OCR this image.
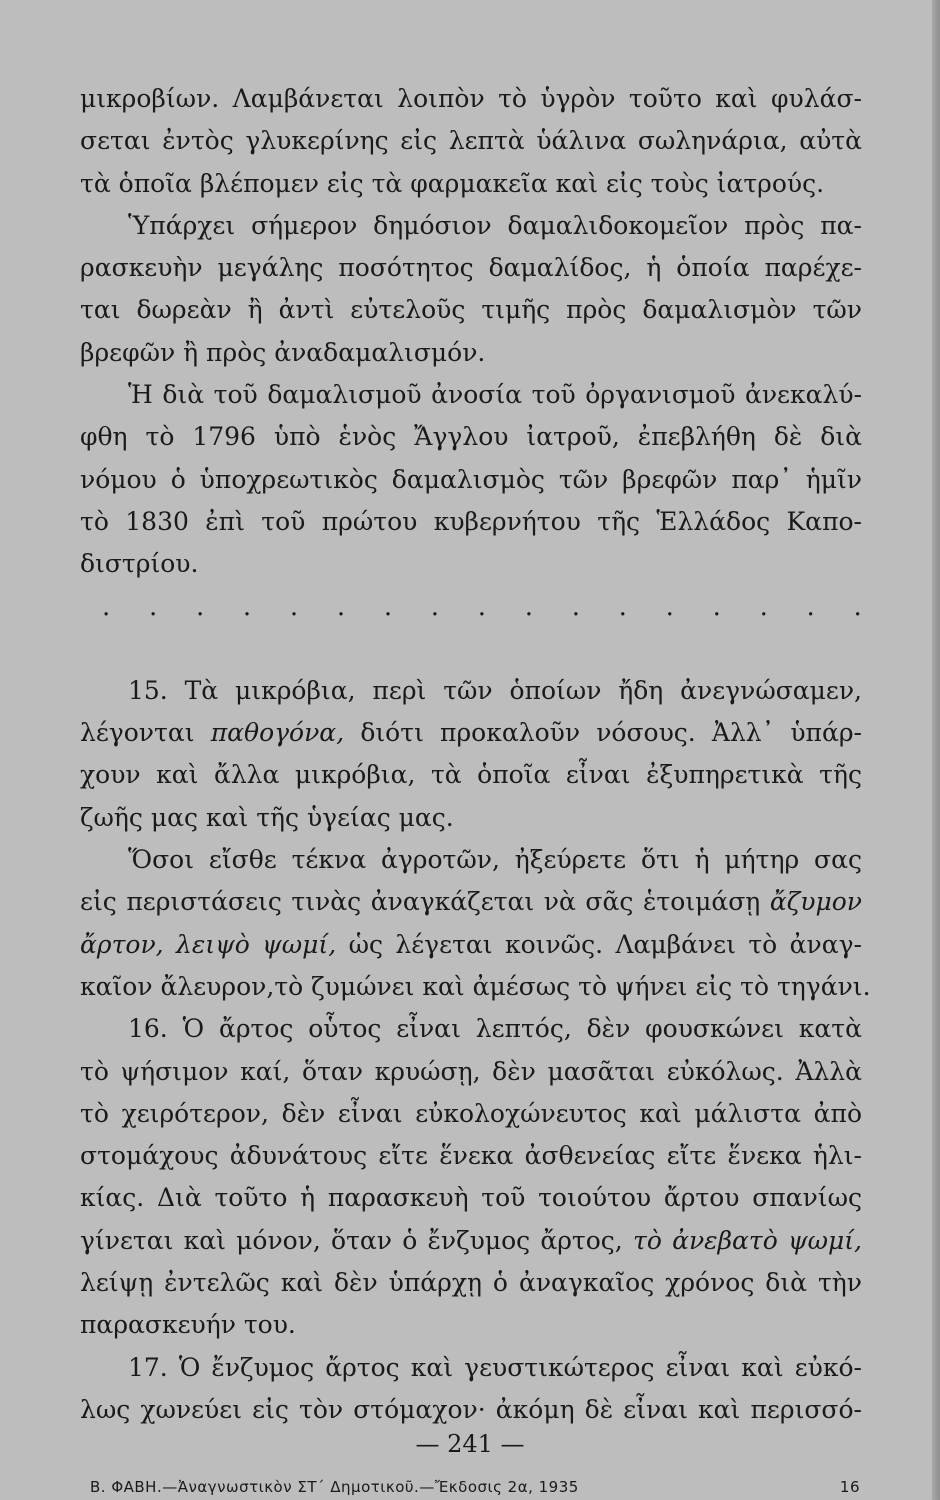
μικροβίων. Λαμβάνεται λοιπὸν τὸ ὑγρὸν τοῦτο καὶ φυλάσ-
σεται ἐντὸς γλυκερίνης εἰς λεπτὰ ὑάλινα σωληνάρια, αὐτὰ
τὰ ὁποῖα βλέπομεν εἰς τὰ φαρμακεῖα καὶ εἰς τοὺς ἰατρούς.
Ὑπάρχει σήμερον δημόσιον δαμαλιδοκομεῖον πρὸς πα-
ρασκευὴν μεγάλης ποσότητος δαμαλίδος, ἡ ὁποία παρέχε-
ται δωρεὰν ἢ ἀντὶ εὐτελοῦς τιμῆς πρὸς δαμαλισμὸν τῶν
βρεφῶν ἢ πρὸς ἀναδαμαλισμόν.
Ἡ διὰ τοῦ δαμαλισμοῦ ἀνοσία τοῦ ὀργανισμοῦ ἀνεκαλύ-
φθη τὸ 1796 ὑπὸ ἑνὸς Ἄγγλου ἰατροῦ, ἐπεβλήθη δὲ διὰ
νόμου ὁ ὑποχρεωτικὸς δαμαλισμὸς τῶν βρεφῶν παρ᾽ ἡμῖν
τὸ 1830 ἐπὶ τοῦ πρώτου κυβερνήτου τῆς Ἑλλάδος Καπο-
διστρίου.
. . . . . . . . . . . . . . . . .
15. Τὰ μικρόβια, περὶ τῶν ὁποίων ἤδη ἀνεγνώσαμεν,
λέγονται παθογόνα, διότι προκαλοῦν νόσους. Ἀλλ᾽ ὑπάρ-
χουν καὶ ἄλλα μικρόβια, τὰ ὁποῖα εἶναι ἐξυπηρετικὰ τῆς
ζωῆς μας καὶ τῆς ὑγείας μας.
Ὅσοι εἴσθε τέκνα ἀγροτῶν, ἠξεύρετε ὅτι ἡ μήτηρ σας
εἰς περιστάσεις τινὰς ἀναγκάζεται νὰ σᾶς ἑτοιμάσῃ ἄζυμον
ἄρτον, λειψὸ ψωμί, ὡς λέγεται κοινῶς. Λαμβάνει τὸ ἀναγ-
καῖον ἄλευρον,τὸ ζυμώνει καὶ ἀμέσως τὸ ψήνει εἰς τὸ τηγάνι.
16. Ὁ ἄρτος οὗτος εἶναι λεπτός, δὲν φουσκώνει κατὰ
τὸ ψήσιμον καί, ὅταν κρυώσῃ, δὲν μασᾶται εὐκόλως. Ἀλλὰ
τὸ χειρότερον, δὲν εἶναι εὐκολοχώνευτος καὶ μάλιστα ἀπὸ
στομάχους ἀδυνάτους εἴτε ἕνεκα ἀσθενείας εἴτε ἕνεκα ἡλι-
κίας. Διὰ τοῦτο ἡ παρασκευὴ τοῦ τοιούτου ἄρτου σπανίως
γίνεται καὶ μόνον, ὅταν ὁ ἔνζυμος ἄρτος, τὸ ἀνεβατὸ ψωμί,
λείψῃ ἐντελῶς καὶ δὲν ὑπάρχῃ ὁ ἀναγκαῖος χρόνος διὰ τὴν
παρασκευήν του.
17. Ὁ ἔνζυμος ἄρτος καὶ γευστικώτερος εἶναι καὶ εὐκό-
λως χωνεύει εἰς τὸν στόμαχον· ἀκόμη δὲ εἶναι καὶ περισσό-
— 241 —
Β. ΦΑΒΗ.—Ἀναγνωστικὸν ΣΤ΄ Δημοτικοῦ.—Ἔκδοσις 2α, 1935	16
